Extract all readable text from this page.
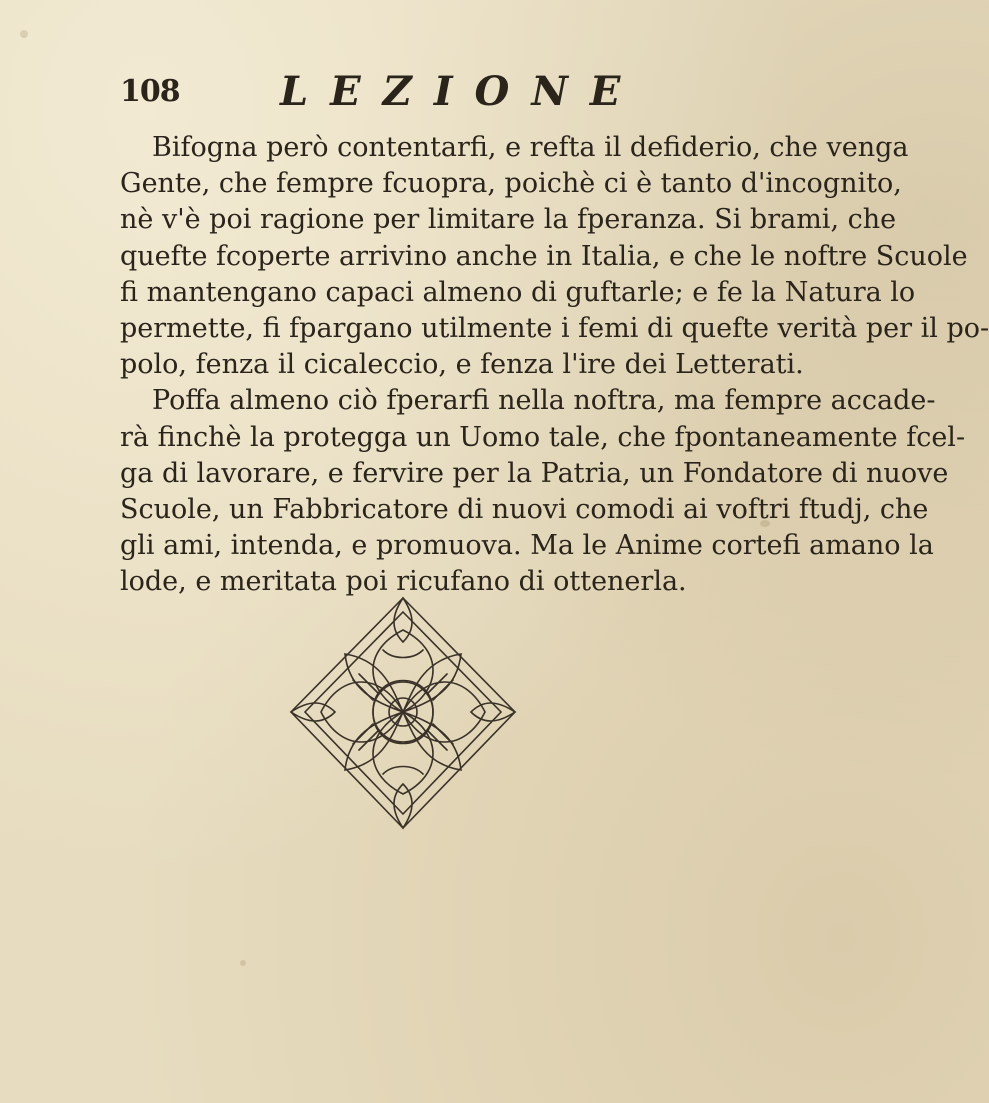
108	LEZIONE
Bifogna però contentarfi, e refta il defiderio, che venga
Gente, che fempre fcuopra, poichè ci è tanto d'incognito,
nè v'è poi ragione per limitare la fperanza. Si brami, che
quefte fcoperte arrivino anche in Italia, e che le noftre Scuole
fi mantengano capaci almeno di guftarle; e fe la Natura lo
permette, fi fpargano utilmente i femi di quefte verità per il po-
polo, fenza il cicaleccio, e fenza l'ire dei Letterati.
Poffa almeno ciò fperarfi nella noftra, ma fempre accade-
rà finchè la protegga un Uomo tale, che fpontaneamente fcel-
ga di lavorare, e fervire per la Patria, un Fondatore di nuove
Scuole, un Fabbricatore di nuovi comodi ai voftri ftudj, che
gli ami, intenda, e promuova. Ma le Anime cortefi amano la
lode, e meritata poi ricufano di ottenerla.
